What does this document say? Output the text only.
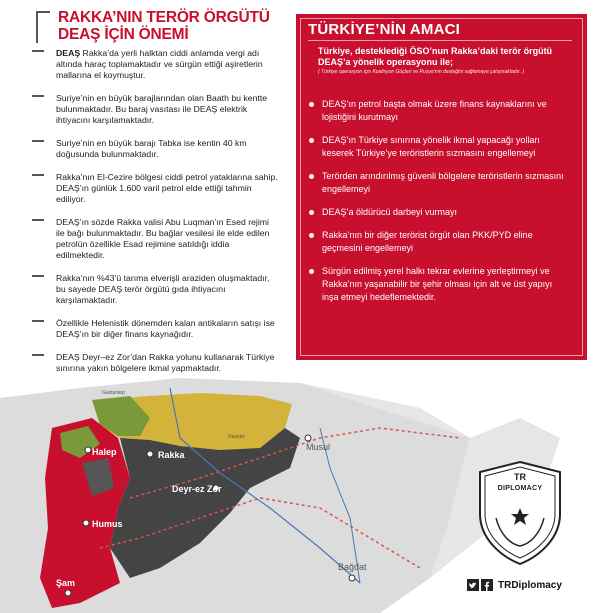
RAKKA’NIN TERÖR ÖRGÜTÜ
DEAŞ İÇİN ÖNEMİ
DEAŞ Rakka’da yerli halktan ciddi anlamda vergi adı altında haraç toplamaktadır ve sürgün ettiği aşiretlerin mallarına el koymuştur.
Suriye’nin en büyük barajlarından olan Baath bu kentte bulunmaktadır. Bu baraj vasıtası ile DEAŞ elektrik ihtiyacını karşılamaktadır.
Suriye’nin en büyük barajı Tabka ise kentin 40 km doğusunda bulunmaktadır.
Rakka’nın El-Cezire bölgesi ciddi petrol yataklarına sahip. DEAŞ’ın günlük 1.600 varil petrol elde ettiği tahmin ediliyor.
DEAŞ’ın sözde Rakka valisi Abu Luqman’ın Esed rejimi ile bağı bulunmaktadır. Bu bağlar vesilesi ile elde edilen petrolün özellikle Esad rejimine satıldığı iddia edilmektedir.
Rakka’nın %43’ü tarıma elverişli araziden oluşmaktadır, bu sayede DEAŞ terör örgütü gıda ihtiyacını karşılamaktadır.
Özellikle Helenistik dönemden kalan antikaların satışı ise DEAŞ’ın bir diğer finans kaynağıdır.
DEAŞ Deyr–ez Zor’dan Rakka yolunu kullanarak Türkiye sınırına yakın bölgelere ikmal yapmaktadır.
TÜRKİYE’NİN AMACI
Türkiye, desteklediği ÖSO’nun Rakka’daki terör örgütü DEAŞ’a yönelik operasyonu ile;
( Türkiye operasyon için Koalisyon Güçleri ve Rusya’nın desteğini sağlamaya çalışmaktadır. )
DEAŞ’ın petrol başta olmak üzere finans kaynaklarını ve lojistiğini kurutmayı
DEAŞ’ın Türkiye sınırına yönelik ikmal yapacağı yolları keserek Türkiye’ye teröristlerin sızmasını engellemeyi
Terörden arındırılmış güvenli bölgelere teröristlerin sızmasını engellemeyi
DEAŞ’a öldürücü darbeyi vurmayı
Rakka’nın bir diğer terörist örgüt olan PKK/PYD eline geçmesini engellemeyi
Sürgün edilmiş yerel halkı tekrar evlerine yerleştirmeyi ve Rakka’nın yaşanabilir bir şehir olması için alt ve üst yapıyı inşa etmeyi hedeflemektedir.
Gaziantep
Haseke
Halep	Rakka
Musul
Deyr-ez Zor
Humus
Şam
Bağdat
TR
DIPLOMACY
TRDiplomacy
